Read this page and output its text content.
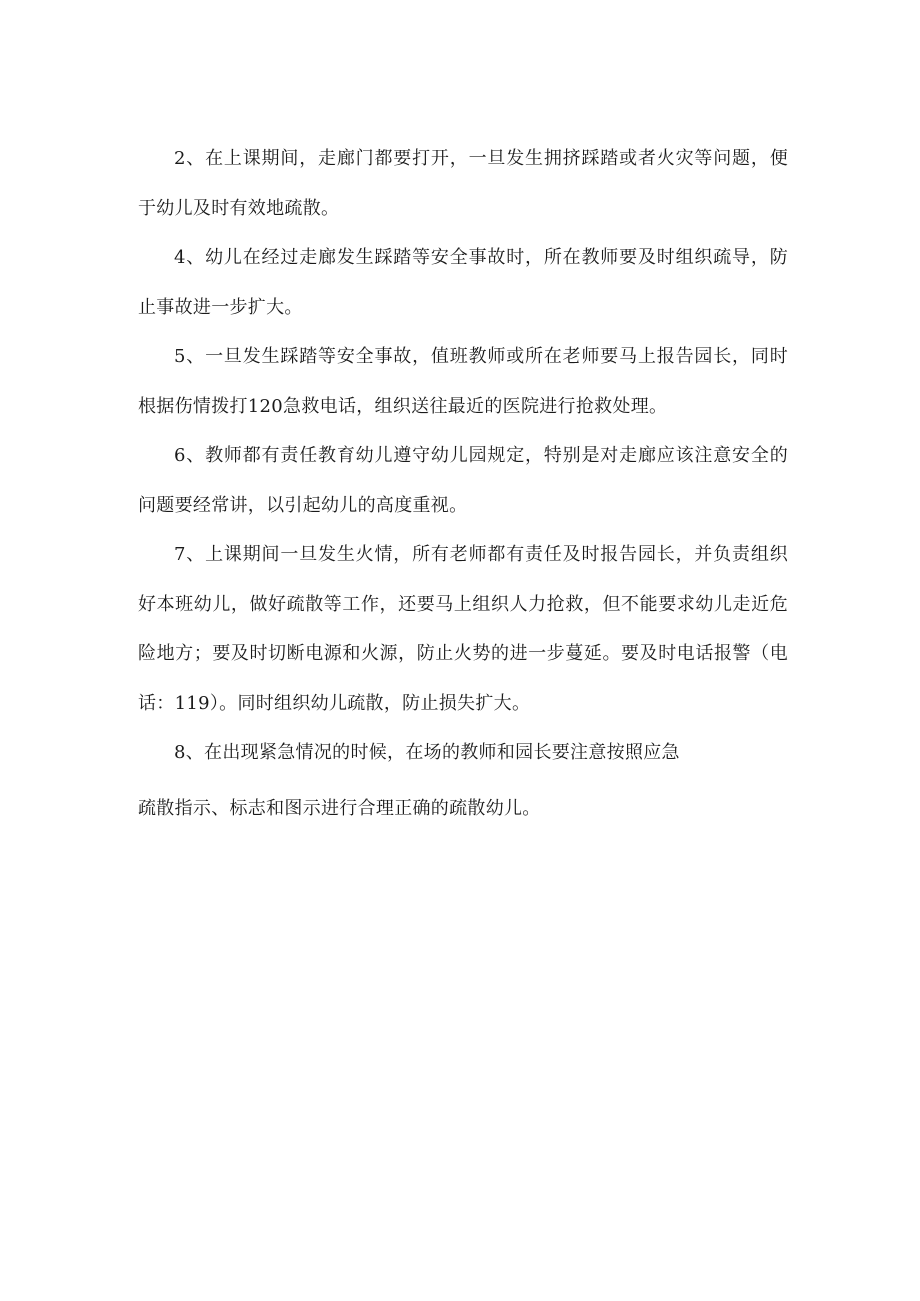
2、在上课期间，走廊门都要打开，一旦发生拥挤踩踏或者火灾等问题，便于幼儿及时有效地疏散。

4、幼儿在经过走廊发生踩踏等安全事故时，所在教师要及时组织疏导，防止事故进一步扩大。

5、一旦发生踩踏等安全事故，值班教师或所在老师要马上报告园长，同时根据伤情拨打120急救电话，组织送往最近的医院进行抢救处理。

6、教师都有责任教育幼儿遵守幼儿园规定，特别是对走廊应该注意安全的问题要经常讲，以引起幼儿的高度重视。

7、上课期间一旦发生火情，所有老师都有责任及时报告园长，并负责组织好本班幼儿，做好疏散等工作，还要马上组织人力抢救，但不能要求幼儿走近危险地方；要及时切断电源和火源，防止火势的进一步蔓延。要及时电话报警（电话：119）。同时组织幼儿疏散，防止损失扩大。

8、在出现紧急情况的时候，在场的教师和园长要注意按照应急
疏散指示、标志和图示进行合理正确的疏散幼儿。
